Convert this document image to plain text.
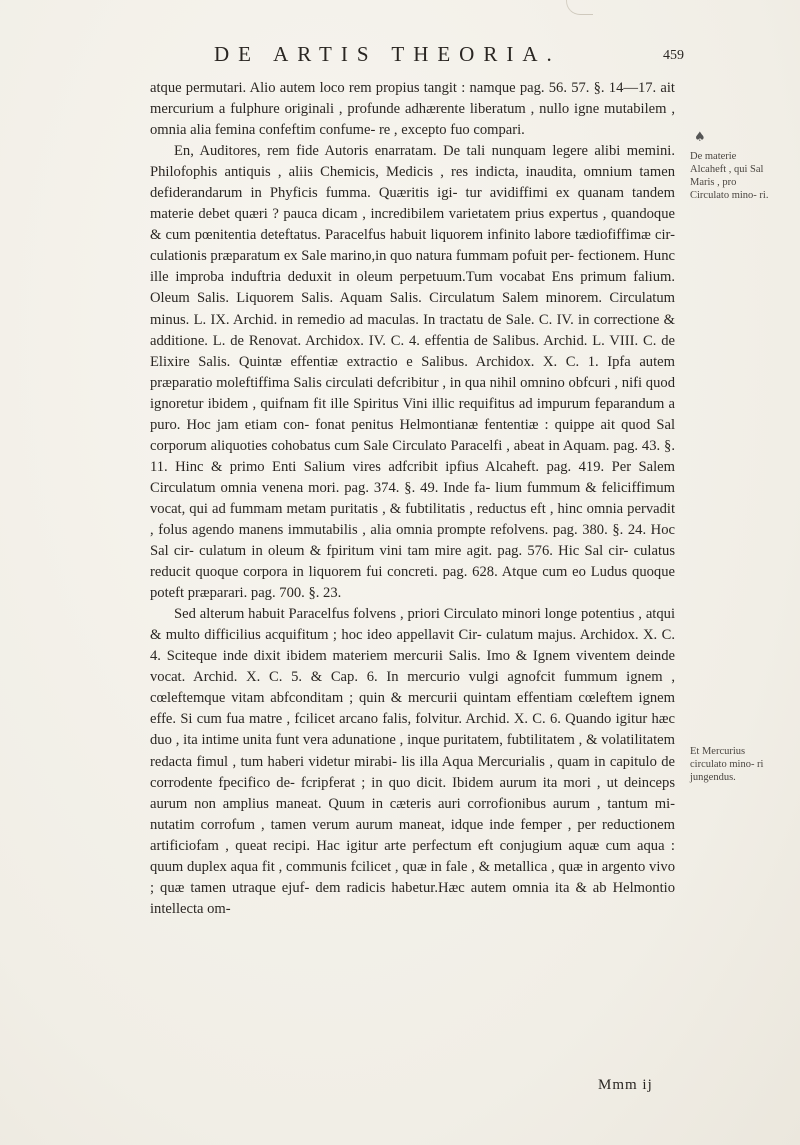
DE ARTIS THEORIA.	459

atque permutari. Alio autem loco rem propius tangit : namque pag. 56. 57. §. 14—17. ait mercurium a fulphure originali , profunde adhærente liberatum , nullo igne mutabilem , omnia alia femina confeftim confume- re , excepto fuo compari.

En, Auditores, rem fide Autoris enarratam. De tali nunquam legere alibi memini. Philofophis antiquis , aliis Chemicis, Medicis , res indicta, inaudita, omnium tamen defiderandarum in Phyficis fumma. Quæritis igi- tur avidiffimi ex quanam tandem materie debet quæri ? pauca dicam , incredibilem varietatem prius expertus , quandoque & cum pœnitentia deteftatus. Paracelfus habuit liquorem infinito labore tædiofiffimæ cir- culationis præparatum ex Sale marino,in quo natura fummam pofuit per- fectionem. Hunc ille improba induftria deduxit in oleum perpetuum.Tum vocabat Ens primum falium. Oleum Salis. Liquorem Salis. Aquam Salis. Circulatum Salem minorem. Circulatum minus. L. IX. Archid. in remedio ad maculas. In tractatu de Sale. C. IV. in correctione & additione. L. de Renovat. Archidox. IV. C. 4. effentia de Salibus. Archid. L. VIII. C. de Elixire Salis. Quintæ effentiæ extractio e Salibus. Archidox. X. C. 1. Ipfa autem præparatio moleftiffima Salis circulati defcribitur , in qua nihil omnino obfcuri , nifi quod ignoretur ibidem , quifnam fit ille Spiritus Vini illic requifitus ad impurum feparandum a puro. Hoc jam etiam con- fonat penitus Helmontianæ fententiæ : quippe ait quod Sal corporum aliquoties cohobatus cum Sale Circulato Paracelfi , abeat in Aquam. pag. 43. §. 11. Hinc & primo Enti Salium vires adfcribit ipfius Alcaheft. pag. 419. Per Salem Circulatum omnia venena mori. pag. 374. §. 49. Inde fa- lium fummum & feliciffimum vocat, qui ad fummam metam puritatis , & fubtilitatis , reductus eft , hinc omnia pervadit , folus agendo manens immutabilis , alia omnia prompte refolvens. pag. 380. §. 24. Hoc Sal cir- culatum in oleum & fpiritum vini tam mire agit. pag. 576. Hic Sal cir- culatus reducit quoque corpora in liquorem fui concreti. pag. 628. Atque cum eo Ludus quoque poteft præparari. pag. 700. §. 23.

Sed alterum habuit Paracelfus folvens , priori Circulato minori longe potentius , atqui & multo difficilius acquifitum ; hoc ideo appellavit Cir- culatum majus. Archidox. X. C. 4. Sciteque inde dixit ibidem materiem mercurii Salis. Imo & Ignem viventem deinde vocat. Archid. X. C. 5. & Cap. 6. In mercurio vulgi agnofcit fummum ignem , cœleftemque vitam abfconditam ; quin & mercurii quintam effentiam cœleftem ignem effe. Si cum fua matre , fcilicet arcano falis, folvitur. Archid. X. C. 6. Quando igitur hæc duo , ita intime unita funt vera adunatione , inque puritatem, fubtilitatem , & volatilitatem redacta fimul , tum haberi videtur mirabi- lis illa Aqua Mercurialis , quam in capitulo de corrodente fpecifico de- fcripferat ; in quo dicit. Ibidem aurum ita mori , ut deinceps aurum non amplius maneat. Quum in cæteris auri corrofionibus aurum , tantum mi- nutatim corrofum , tamen verum aurum maneat, idque inde femper , per reductionem artificiofam , queat recipi. Hac igitur arte perfectum eft conjugium aquæ cum aqua : quum duplex aqua fit , communis fcilicet , quæ in fale , & metallica , quæ in argento vivo ; quæ tamen utraque ejuf- dem radicis habetur.Hæc autem omnia ita & ab Helmontio intellecta om-

Mmm ij
♠
De materie Alcaheft , qui Sal Maris , pro Circulato mino- ri.
Et Mercurius circulato mino- ri jungendus.
